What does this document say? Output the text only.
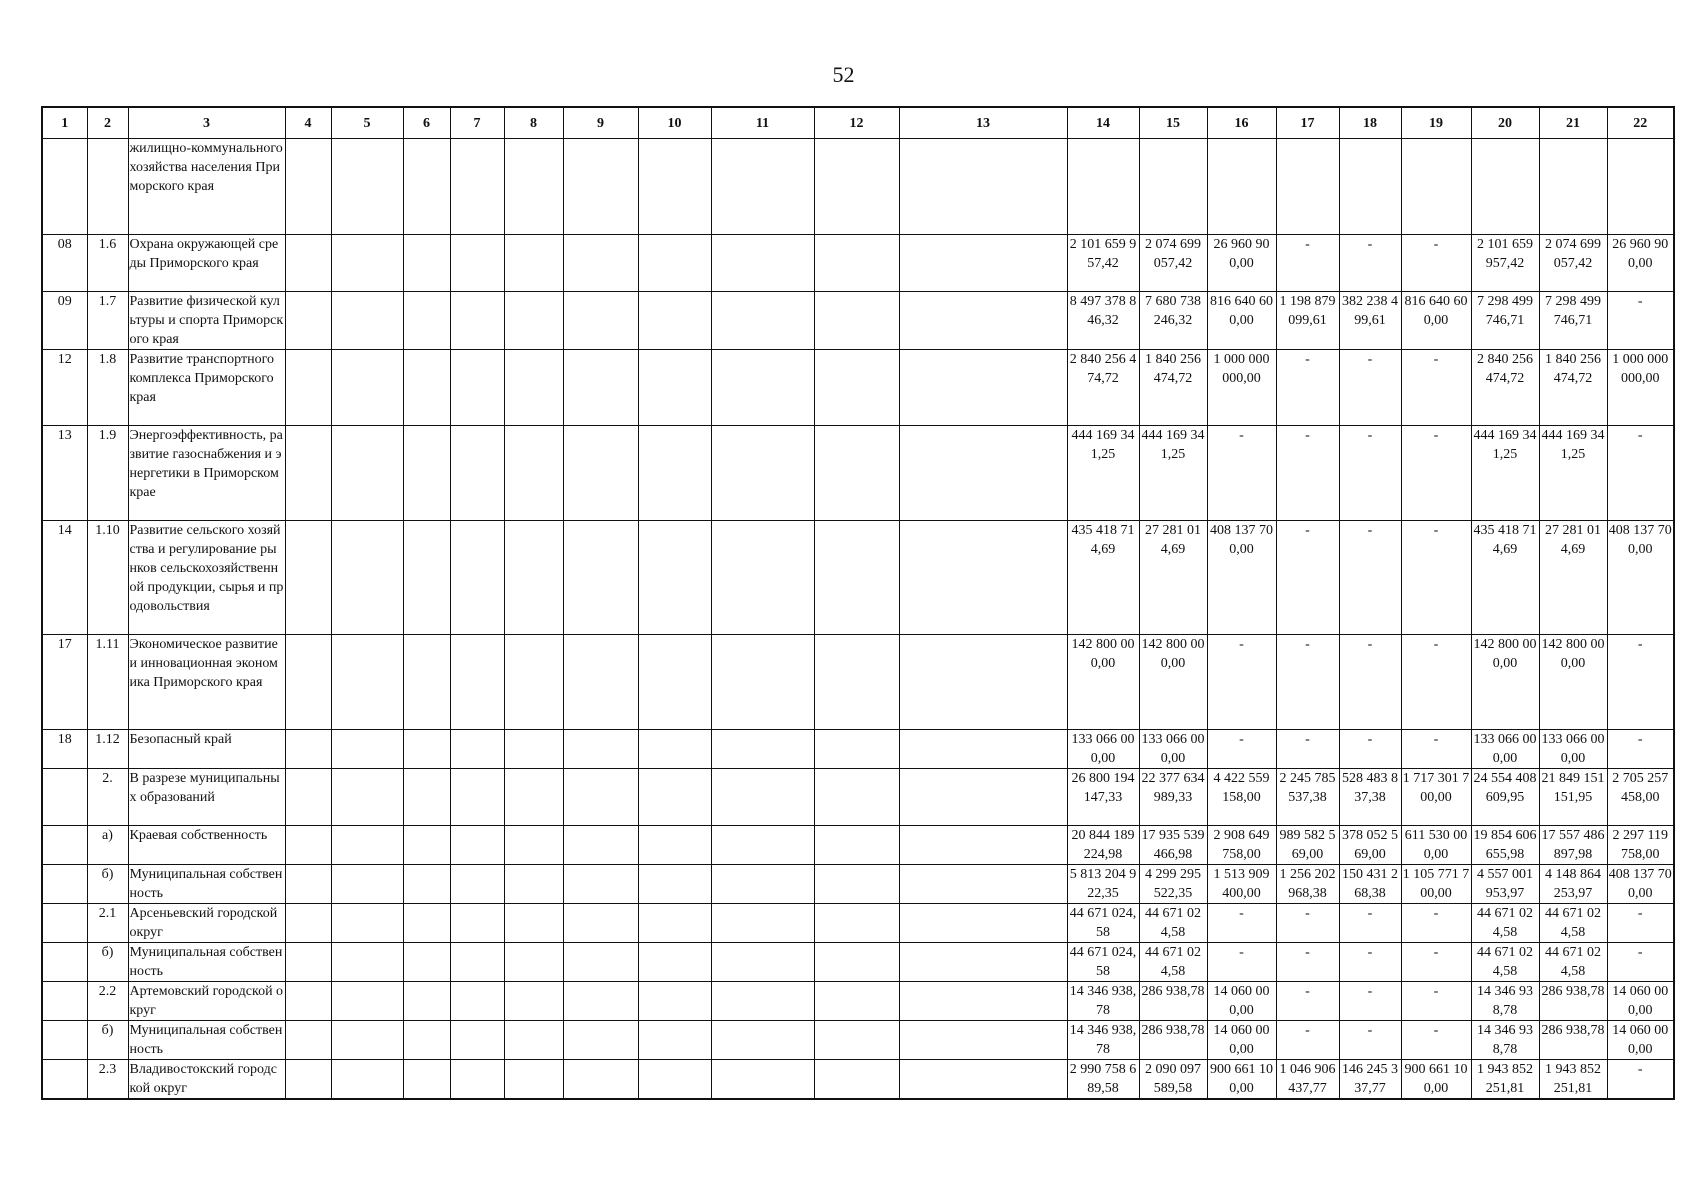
52
1	2	3	4	5	6	7	8	9	10	11	12	13	14	15	16	17	18	19	20	21	22
		жилищно-коммунального хозяйства населения Приморского края																			
08	1.6	Охрана окружающей среды Приморского края											2 101 659 957,42	2 074 699 057,42	26 960 900,00	-	-	-	2 101 659 957,42	2 074 699 057,42	26 960 900,00
09	1.7	Развитие физической культуры и спорта Приморского края											8 497 378 846,32	7 680 738 246,32	816 640 600,00	1 198 879 099,61	382 238 499,61	816 640 600,00	7 298 499 746,71	7 298 499 746,71	-
12	1.8	Развитие транспортного комплекса Приморского края											2 840 256 474,72	1 840 256 474,72	1 000 000 000,00	-	-	-	2 840 256 474,72	1 840 256 474,72	1 000 000 000,00
13	1.9	Энергоэффективность, развитие газоснабжения и энергетики в Приморском крае											444 169 341,25	444 169 341,25	-	-	-	-	444 169 341,25	444 169 341,25	-
14	1.10	Развитие сельского хозяйства и регулирование рынков сельскохозяйственной продукции, сырья и продовольствия											435 418 714,69	27 281 014,69	408 137 700,00	-	-	-	435 418 714,69	27 281 014,69	408 137 700,00
17	1.11	Экономическое развитие и инновационная экономика Приморского края											142 800 000,00	142 800 000,00	-	-	-	-	142 800 000,00	142 800 000,00	-
18	1.12	Безопасный край											133 066 000,00	133 066 000,00	-	-	-	-	133 066 000,00	133 066 000,00	-
	2.	В разрезе муниципальных образований											26 800 194 147,33	22 377 634 989,33	4 422 559 158,00	2 245 785 537,38	528 483 837,38	1 717 301 700,00	24 554 408 609,95	21 849 151 151,95	2 705 257 458,00
	а)	Краевая собственность											20 844 189 224,98	17 935 539 466,98	2 908 649 758,00	989 582 569,00	378 052 569,00	611 530 000,00	19 854 606 655,98	17 557 486 897,98	2 297 119 758,00
	б)	Муниципальная собственность											5 813 204 922,35	4 299 295 522,35	1 513 909 400,00	1 256 202 968,38	150 431 268,38	1 105 771 700,00	4 557 001 953,97	4 148 864 253,97	408 137 700,00
	2.1	Арсеньевский городской округ											44 671 024,58	44 671 024,58	-	-	-	-	44 671 024,58	44 671 024,58	-
	б)	Муниципальная собственность											44 671 024,58	44 671 024,58	-	-	-	-	44 671 024,58	44 671 024,58	-
	2.2	Артемовский городской округ											14 346 938,78	286 938,78	14 060 000,00	-	-	-	14 346 938,78	286 938,78	14 060 000,00
	б)	Муниципальная собственность											14 346 938,78	286 938,78	14 060 000,00	-	-	-	14 346 938,78	286 938,78	14 060 000,00
	2.3	Владивостокский городской округ											2 990 758 689,58	2 090 097 589,58	900 661 100,00	1 046 906 437,77	146 245 337,77	900 661 100,00	1 943 852 251,81	1 943 852 251,81	-
